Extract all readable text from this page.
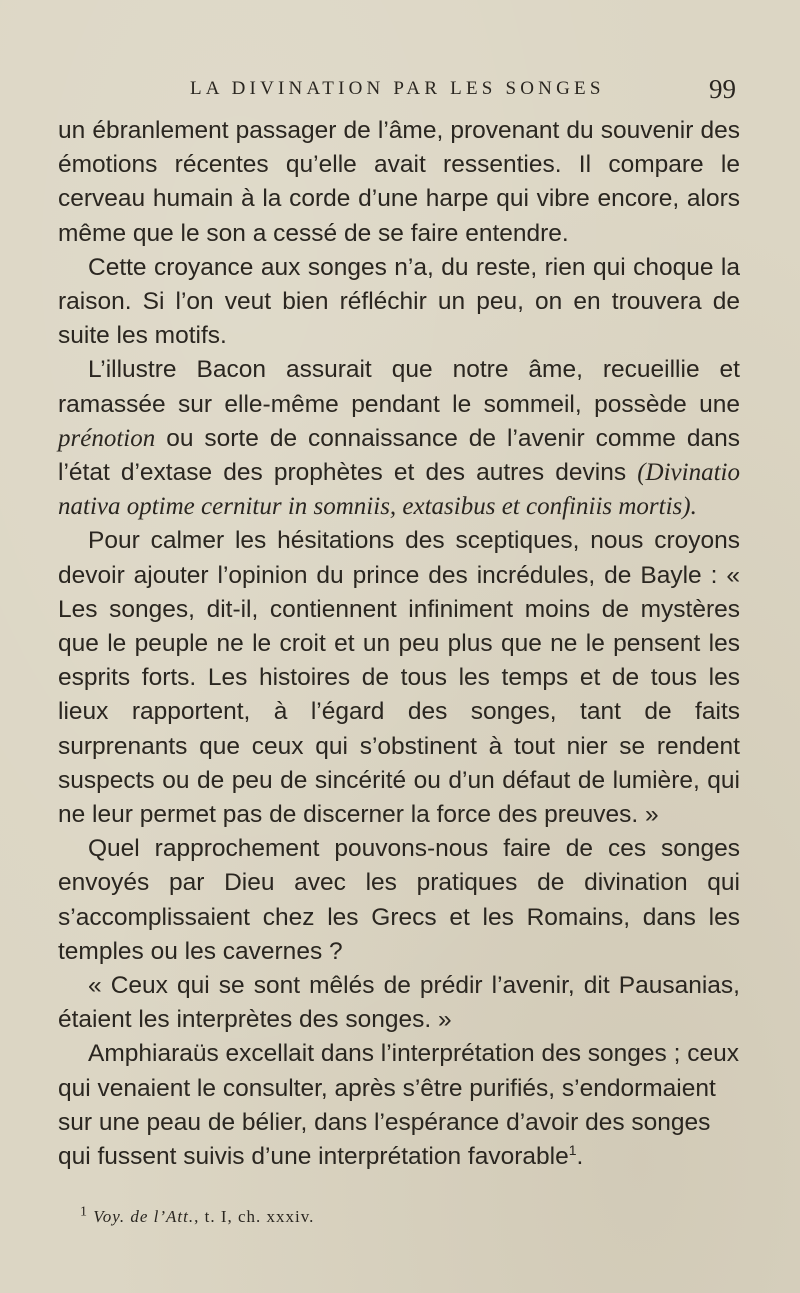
LA DIVINATION PAR LES SONGES	99

un ébranlement passager de l’âme, provenant du souvenir des émotions récentes qu’elle avait ressenties. Il compare le cerveau humain à la corde d’une harpe qui vibre encore, alors même que le son a cessé de se faire entendre.

Cette croyance aux songes n’a, du reste, rien qui choque la raison. Si l’on veut bien réfléchir un peu, on en trouvera de suite les motifs.

L’illustre Bacon assurait que notre âme, recueillie et ramassée sur elle-même pendant le sommeil, possède une prénotion ou sorte de connaissance de l’avenir comme dans l’état d’extase des prophètes et des autres devins (Divinatio nativa optime cernitur in somniis, extasibus et confiniis mortis).

Pour calmer les hésitations des sceptiques, nous croyons devoir ajouter l’opinion du prince des incrédules, de Bayle : « Les songes, dit-il, contiennent infiniment moins de mystères que le peuple ne le croit et un peu plus que ne le pensent les esprits forts. Les histoires de tous les temps et de tous les lieux rapportent, à l’égard des songes, tant de faits surprenants que ceux qui s’obstinent à tout nier se rendent suspects ou de peu de sincérité ou d’un défaut de lumière, qui ne leur permet pas de discerner la force des preuves. »

Quel rapprochement pouvons-nous faire de ces songes envoyés par Dieu avec les pratiques de divination qui s’accomplissaient chez les Grecs et les Romains, dans les temples ou les cavernes ?

« Ceux qui se sont mêlés de prédir l’avenir, dit Pausanias, étaient les interprètes des songes. »

Amphiaraüs excellait dans l’interprétation des songes ; ceux qui venaient le consulter, après s’être purifiés, s’endormaient sur une peau de bélier, dans l’espérance d’avoir des songes qui fussent suivis d’une interprétation favorable$^1$.

$^1$ Voy. de l’Att., t. I, ch. xxxiv.
